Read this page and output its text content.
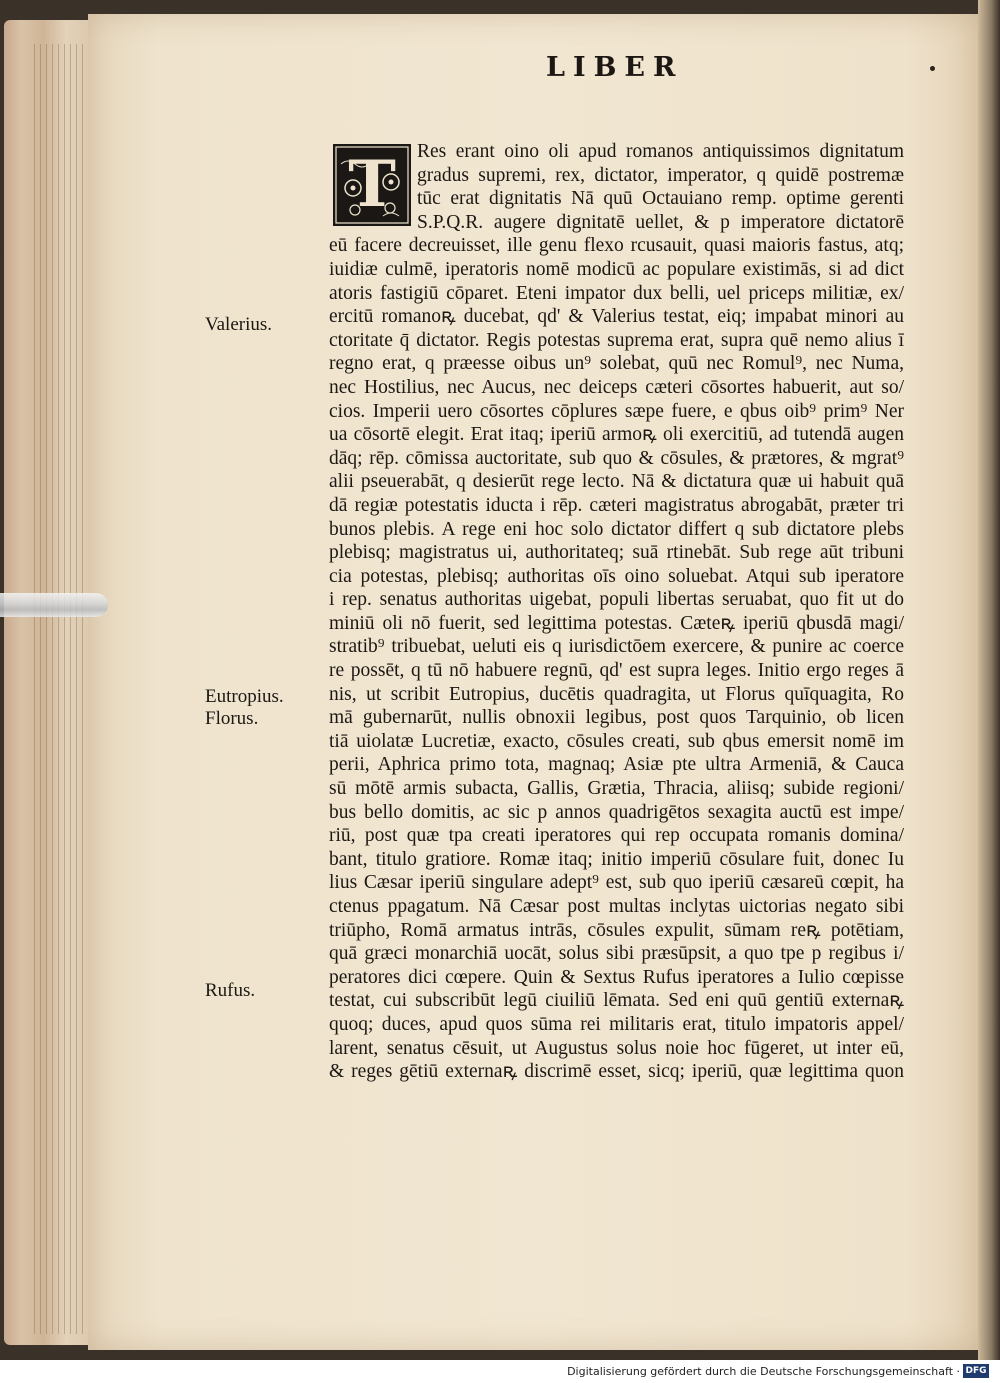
LIBER
Res erant oino oli apud romanos antiquissimos dignitatum
gradus supremi, rex, dictator, imperator, q quidē postremæ
tūc erat dignitatis Nā quū Octauiano remp. optime gerenti
S.P.Q.R. augere dignitatē uellet, & p imperatore dictatorē
eū facere decreuisset, ille genu flexo rcusauit, quasi maioris fastus, atq;
iuidiæ culmē, iperatoris nomē modicū ac populare existimās, si ad dict
atoris fastigiū cōparet. Eteni impator dux belli, uel priceps militiæ, ex/
ercitū romanoꝶ ducebat, qd' & Valerius testat, eiq; impabat minori au
ctoritate q̄ dictator. Regis potestas suprema erat, supra quē nemo alius ī
regno erat, q præesse oibus un⁹ solebat, quū nec Romul⁹, nec Numa,
nec Hostilius, nec Aucus, nec deiceps cæteri cōsortes habuerit, aut so/
cios. Imperii uero cōsortes cōplures sæpe fuere, e qbus oib⁹ prim⁹ Ner
ua cōsortē elegit. Erat itaq; iperiū armoꝶ oli exercitiū, ad tutendā augen
dāq; rēp. cōmissa auctoritate, sub quo & cōsules, & prætores, & mgrat⁹
alii pseuerabāt, q desierūt rege lecto. Nā & dictatura quæ ui habuit quā
dā regiæ potestatis iducta i rēp. cæteri magistratus abrogabāt, præter tri
bunos plebis. A rege eni hoc solo dictator differt q sub dictatore plebs
plebisq; magistratus ui, authoritateq; suā rtinebāt. Sub rege aūt tribuni
cia potestas, plebisq; authoritas oīs oino soluebat. Atqui sub iperatore
i rep. senatus authoritas uigebat, populi libertas seruabat, quo fit ut do
miniū oli nō fuerit, sed legittima potestas. Cæteꝶ iperiū qbusdā magi/
stratib⁹ tribuebat, ueluti eis q iurisdictōem exercere, & punire ac coerce
re possēt, q tū nō habuere regnū, qd' est supra leges. Initio ergo reges ā
nis, ut scribit Eutropius, ducētis quadragita, ut Florus quīquagita, Ro
mā gubernarūt, nullis obnoxii legibus, post quos Tarquinio, ob licen
tiā uiolatæ Lucretiæ, exacto, cōsules creati, sub qbus emersit nomē im
perii, Aphrica primo tota, magnaq; Asiæ pte ultra Armeniā, & Cauca
sū mōtē armis subacta, Gallis, Grætia, Thracia, aliisq; subide regioni/
bus bello domitis, ac sic p annos quadrigētos sexagita auctū est impe/
riū, post quæ tpa creati iperatores qui rep occupata romanis domina/
bant, titulo gratiore. Romæ itaq; initio imperiū cōsulare fuit, donec Iu
lius Cæsar iperiū singulare adept⁹ est, sub quo iperiū cæsareū cœpit, ha
ctenus ppagatum. Nā Cæsar post multas inclytas uictorias negato sibi
triūpho, Romā armatus intrās, cōsules expulit, sūmam reꝶ potētiam,
quā græci monarchiā uocāt, solus sibi præsūpsit, a quo tpe p regibus i/
peratores dici cœpere. Quin & Sextus Rufus iperatores a Iulio cœpisse
testat, cui subscribūt legū ciuiliū lēmata. Sed eni quū gentiū externaꝶ
quoq; duces, apud quos sūma rei militaris erat, titulo impatoris appel/
larent, senatus cēsuit, ut Augustus solus noie hoc fūgeret, ut inter eū,
& reges gētiū externaꝶ discrimē esset, sicq; iperiū, quæ legittima quon
T
Valerius.
Eutropius.
Florus.
Rufus.
Digitalisierung gefördert durch die Deutsche Forschungsgemeinschaft · DFG
